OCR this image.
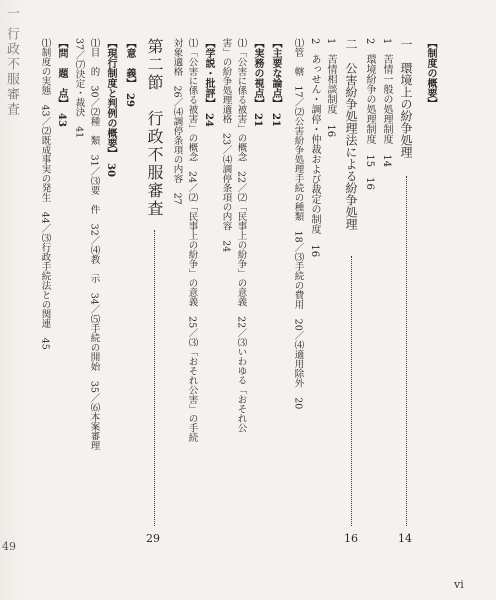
一 行政不服審査
49
【制度の概要】
一　環境上の紛争処理
14
1　苦情一般の処理制度　14
2　環境紛争の処理制度　15　16
二　公害紛争処理法による紛争処理
16
1　苦情相談制度　16
2　あっせん・調停・仲裁および裁定の制度　16
⑴管　轄　17／⑵公害紛争処理手続の種類　18／⑶手続の費用　20／⑷適用除外　20
【主要な論点】　21
【実務の視点】　21
⑴「公害に係る被害」の概念　22／⑵「民事上の紛争」の意義　22／⑶いわゆる「おそれ公
害」の紛争処理適格　23／⑷調停条項の内容　24
【学説・批評】　24
⑴「公害に係る被害」の概念　24／⑵「民事上の紛争」の意義　25／⑶「おそれ公害」の手続
対象適格　26／⑷調停条項の内容　27
第二節　行政不服審査
29
【意　義】　29
【現行制度と判例の概要】　30
⑴目　的　30／⑵種　類　31／⑶要　件　32／⑷教　示　34／⑸手続の開始　35／⑹本案審理
37／⑺決定・裁決　41
【問　題　点】　43
⑴制度の実態　43／⑵既成事実の発生　44／⑶行政手続法との関連　45
vi
